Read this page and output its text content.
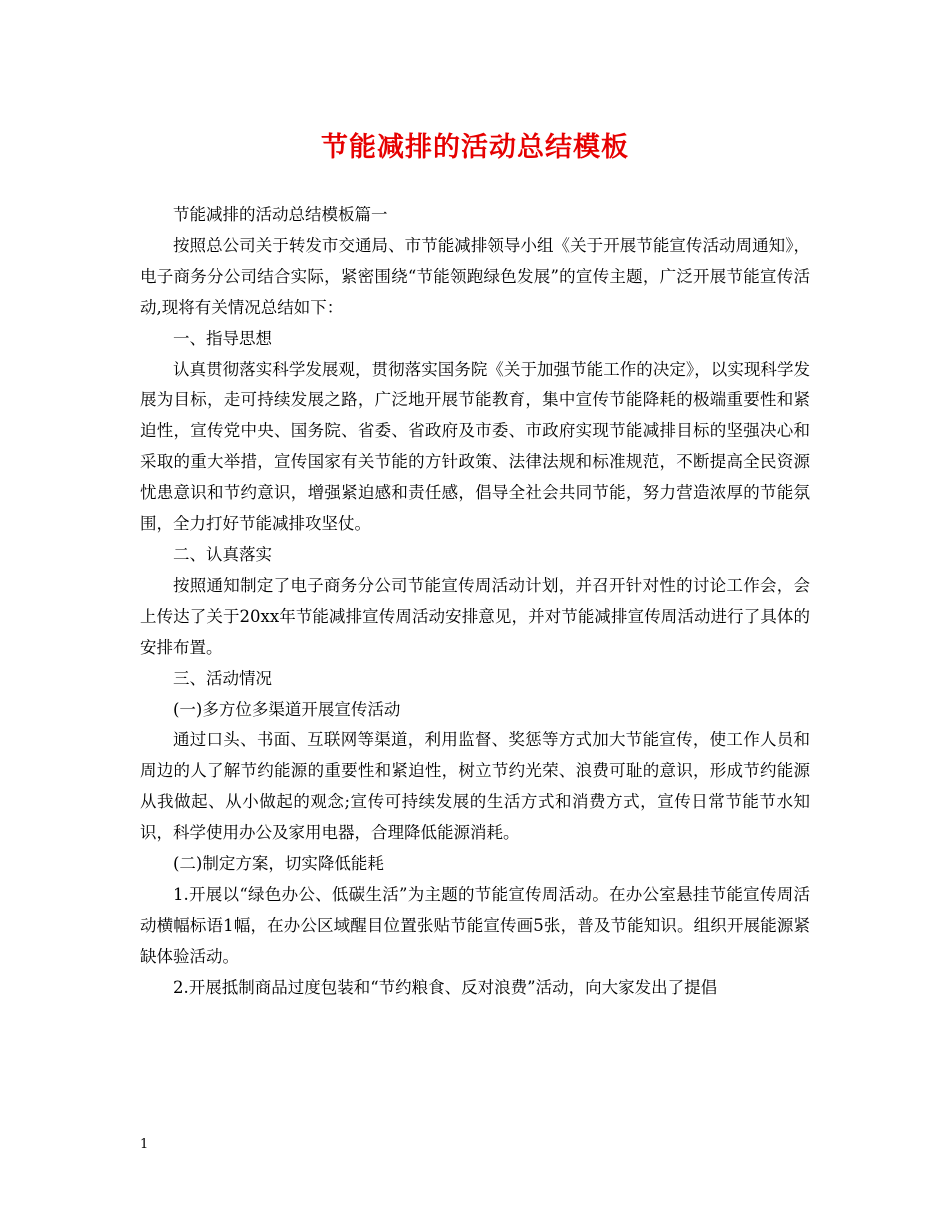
节能减排的活动总结模板

节能减排的活动总结模板篇一

按照总公司关于转发市交通局、市节能减排领导小组《关于开展节能宣传活动周通知》，电子商务分公司结合实际，紧密围绕“节能领跑绿色发展”的宣传主题，广泛开展节能宣传活动,现将有关情况总结如下：

一、指导思想

认真贯彻落实科学发展观，贯彻落实国务院《关于加强节能工作的决定》，以实现科学发展为目标，走可持续发展之路，广泛地开展节能教育，集中宣传节能降耗的极端重要性和紧迫性，宣传党中央、国务院、省委、省政府及市委、市政府实现节能减排目标的坚强决心和采取的重大举措，宣传国家有关节能的方针政策、法律法规和标准规范，不断提高全民资源忧患意识和节约意识，增强紧迫感和责任感，倡导全社会共同节能，努力营造浓厚的节能氛围，全力打好节能减排攻坚仗。

二、认真落实

按照通知制定了电子商务分公司节能宣传周活动计划，并召开针对性的讨论工作会，会上传达了关于20xx年节能减排宣传周活动安排意见，并对节能减排宣传周活动进行了具体的安排布置。

三、活动情况

(一)多方位多渠道开展宣传活动

通过口头、书面、互联网等渠道，利用监督、奖惩等方式加大节能宣传，使工作人员和周边的人了解节约能源的重要性和紧迫性，树立节约光荣、浪费可耻的意识，形成节约能源从我做起、从小做起的观念;宣传可持续发展的生活方式和消费方式，宣传日常节能节水知识，科学使用办公及家用电器，合理降低能源消耗。

(二)制定方案，切实降低能耗

1.开展以“绿色办公、低碳生活”为主题的节能宣传周活动。在办公室悬挂节能宣传周活动横幅标语1幅，在办公区域醒目位置张贴节能宣传画5张，普及节能知识。组织开展能源紧缺体验活动。

2.开展抵制商品过度包装和“节约粮食、反对浪费”活动，向大家发出了提倡

1
